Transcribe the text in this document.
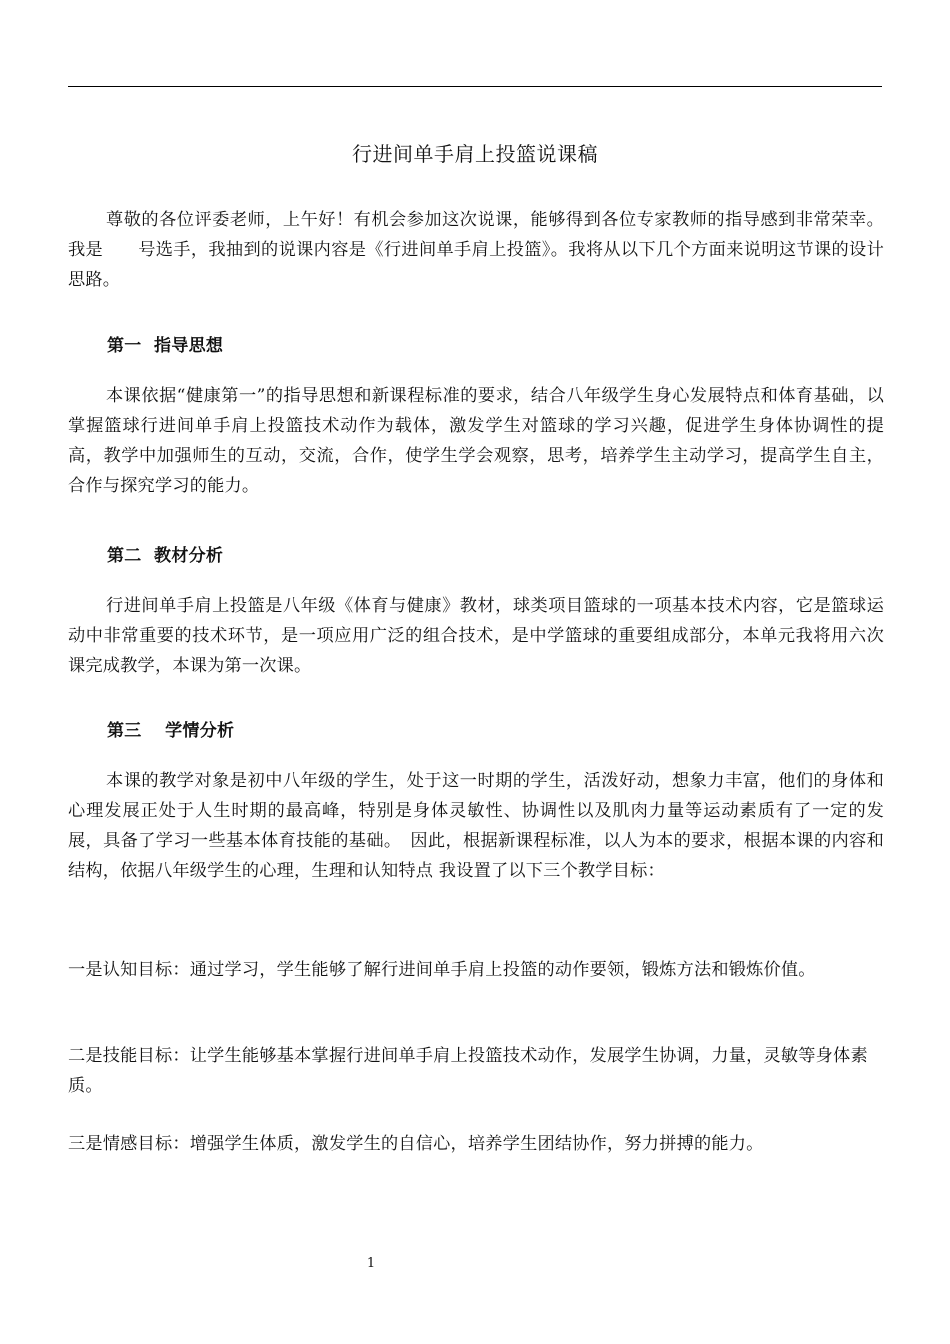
行进间单手肩上投篮说课稿
尊敬的各位评委老师，上午好！有机会参加这次说课，能够得到各位专家教师的指导感到非常荣幸。我是　　号选手，我抽到的说课内容是《行进间单手肩上投篮》。我将从以下几个方面来说明这节课的设计思路。
第一  指导思想
本课依据“健康第一”的指导思想和新课程标准的要求，结合八年级学生身心发展特点和体育基础，以掌握篮球行进间单手肩上投篮技术动作为载体，激发学生对篮球的学习兴趣，促进学生身体协调性的提高，教学中加强师生的互动，交流，合作，使学生学会观察，思考，培养学生主动学习，提高学生自主，合作与探究学习的能力。
第二  教材分析
行进间单手肩上投篮是八年级《体育与健康》教材，球类项目篮球的一项基本技术内容，它是篮球运动中非常重要的技术环节，是一项应用广泛的组合技术，是中学篮球的重要组成部分，本单元我将用六次课完成教学，本课为第一次课。
第三　 学情分析
本课的教学对象是初中八年级的学生，处于这一时期的学生，活泼好动，想象力丰富，他们的身体和心理发展正处于人生时期的最高峰，特别是身体灵敏性、协调性以及肌肉力量等运动素质有了一定的发展，具备了学习一些基本体育技能的基础。　因此，根据新课程标准，以人为本的要求，根据本课的内容和结构，依据八年级学生的心理，生理和认知特点 我设置了以下三个教学目标：
一是认知目标：通过学习，学生能够了解行进间单手肩上投篮的动作要领，锻炼方法和锻炼价值。
二是技能目标：让学生能够基本掌握行进间单手肩上投篮技术动作，发展学生协调，力量，灵敏等身体素质。
三是情感目标：增强学生体质，激发学生的自信心，培养学生团结协作，努力拼搏的能力。
1
